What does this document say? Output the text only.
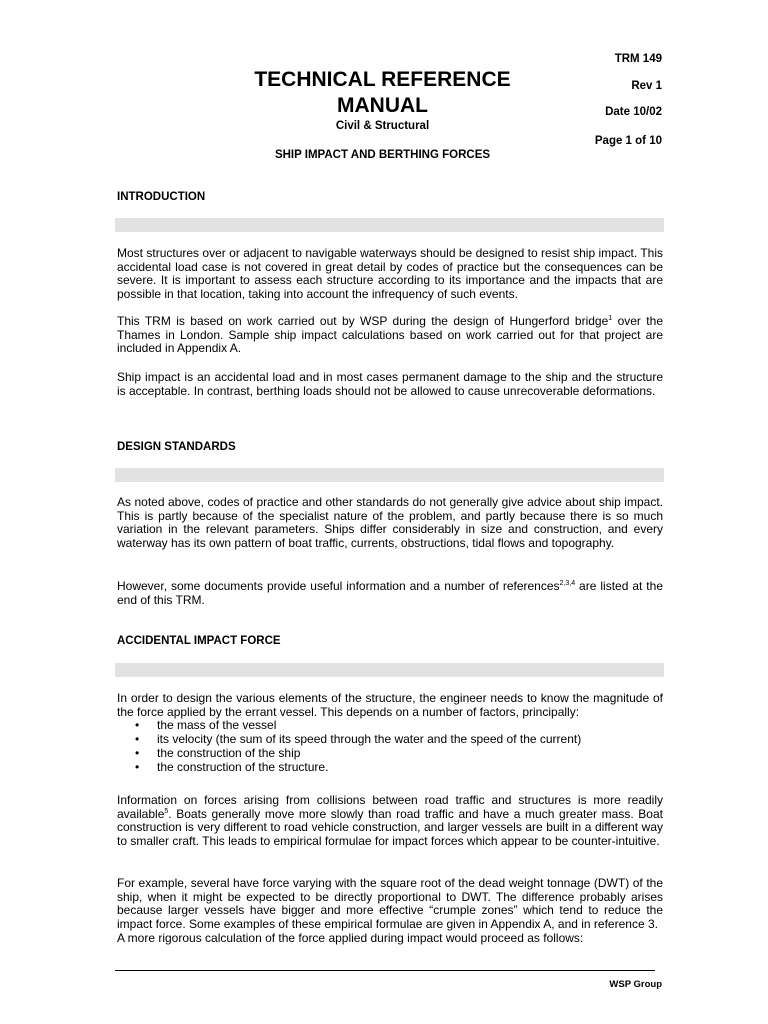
TRM 149
Rev 1
Date 10/02
Page 1 of 10
TECHNICAL REFERENCE
MANUAL
Civil & Structural
SHIP IMPACT AND BERTHING FORCES
INTRODUCTION

Most structures over or adjacent to navigable waterways should be designed to resist ship impact. This accidental load case is not covered in great detail by codes of practice but the consequences can be severe. It is important to assess each structure according to its importance and the impacts that are possible in that location, taking into account the infrequency of such events.

This TRM is based on work carried out by WSP during the design of Hungerford bridge$^1$ over the Thames in London. Sample ship impact calculations based on work carried out for that project are included in Appendix A.

Ship impact is an accidental load and in most cases permanent damage to the ship and the structure is acceptable. In contrast, berthing loads should not be allowed to cause unrecoverable deformations.

DESIGN STANDARDS

As noted above, codes of practice and other standards do not generally give advice about ship impact. This is partly because of the specialist nature of the problem, and partly because there is so much variation in the relevant parameters. Ships differ considerably in size and construction, and every waterway has its own pattern of boat traffic, currents, obstructions, tidal flows and topography.

However, some documents provide useful information and a number of references$^{2,3,4}$ are listed at the end of this TRM.

ACCIDENTAL IMPACT FORCE

In order to design the various elements of the structure, the engineer needs to know the magnitude of the force applied by the errant vessel. This depends on a number of factors, principally:

• the mass of the vessel
• its velocity (the sum of its speed through the water and the speed of the current)
• the construction of the ship
• the construction of the structure.

Information on forces arising from collisions between road traffic and structures is more readily available$^5$. Boats generally move more slowly than road traffic and have a much greater mass. Boat construction is very different to road vehicle construction, and larger vessels are built in a different way to smaller craft. This leads to empirical formulae for impact forces which appear to be counter-intuitive.

For example, several have force varying with the square root of the dead weight tonnage (DWT) of the ship, when it might be expected to be directly proportional to DWT. The difference probably arises because larger vessels have bigger and more effective “crumple zones” which tend to reduce the impact force. Some examples of these empirical formulae are given in Appendix A, and in reference 3.

A more rigorous calculation of the force applied during impact would proceed as follows:

WSP Group
